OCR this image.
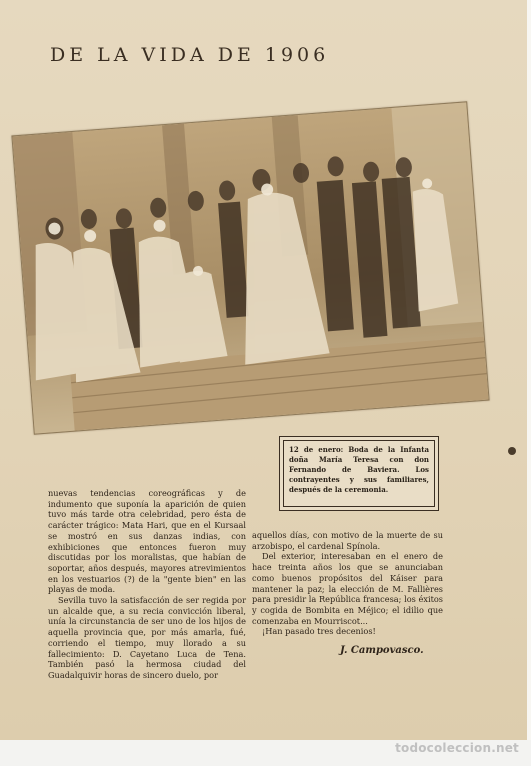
DE LA VIDA DE 1906
12 de enero: Boda de la Infanta doña María Teresa con don Fernando de Baviera. Los contrayentes y sus familiares, después de la ceremonia.

nuevas tendencias coreográficas y de indumento que suponía la aparición de quien tuvo más tarde otra celebridad, pero ésta de carácter trágico: Mata Hari, que en el Kursaal se mostró en sus danzas indias, con exhibiciones que entonces fueron muy discutidas por los moralistas, que habían de soportar, años después, mayores atrevimientos en los vestuarios (?) de la "gente bien" en las playas de moda.

Sevilla tuvo la satisfacción de ser regida por un alcalde que, a su recia convicción liberal, unía la circunstancia de ser uno de los hijos de aquella provincia que, por más amarla, fué, corriendo el tiempo, muy llorado a su fallecimiento: D. Cayetano Luca de Tena. También pasó la hermosa ciudad del Guadalquivir horas de sincero duelo, por

aquellos días, con motivo de la muerte de su arzobispo, el cardenal Spínola.

Del exterior, interesaban en el enero de hace treinta años los que se anunciaban como buenos propósitos del Káiser para mantener la paz; la elección de M. Fallières para presidir la República francesa; los éxitos y cogida de Bombita en Méjico; el idilio que comenzaba en Mourriscot...

¡Han pasado tres decenios!

J. Campovasco.
todocoleccion.net
